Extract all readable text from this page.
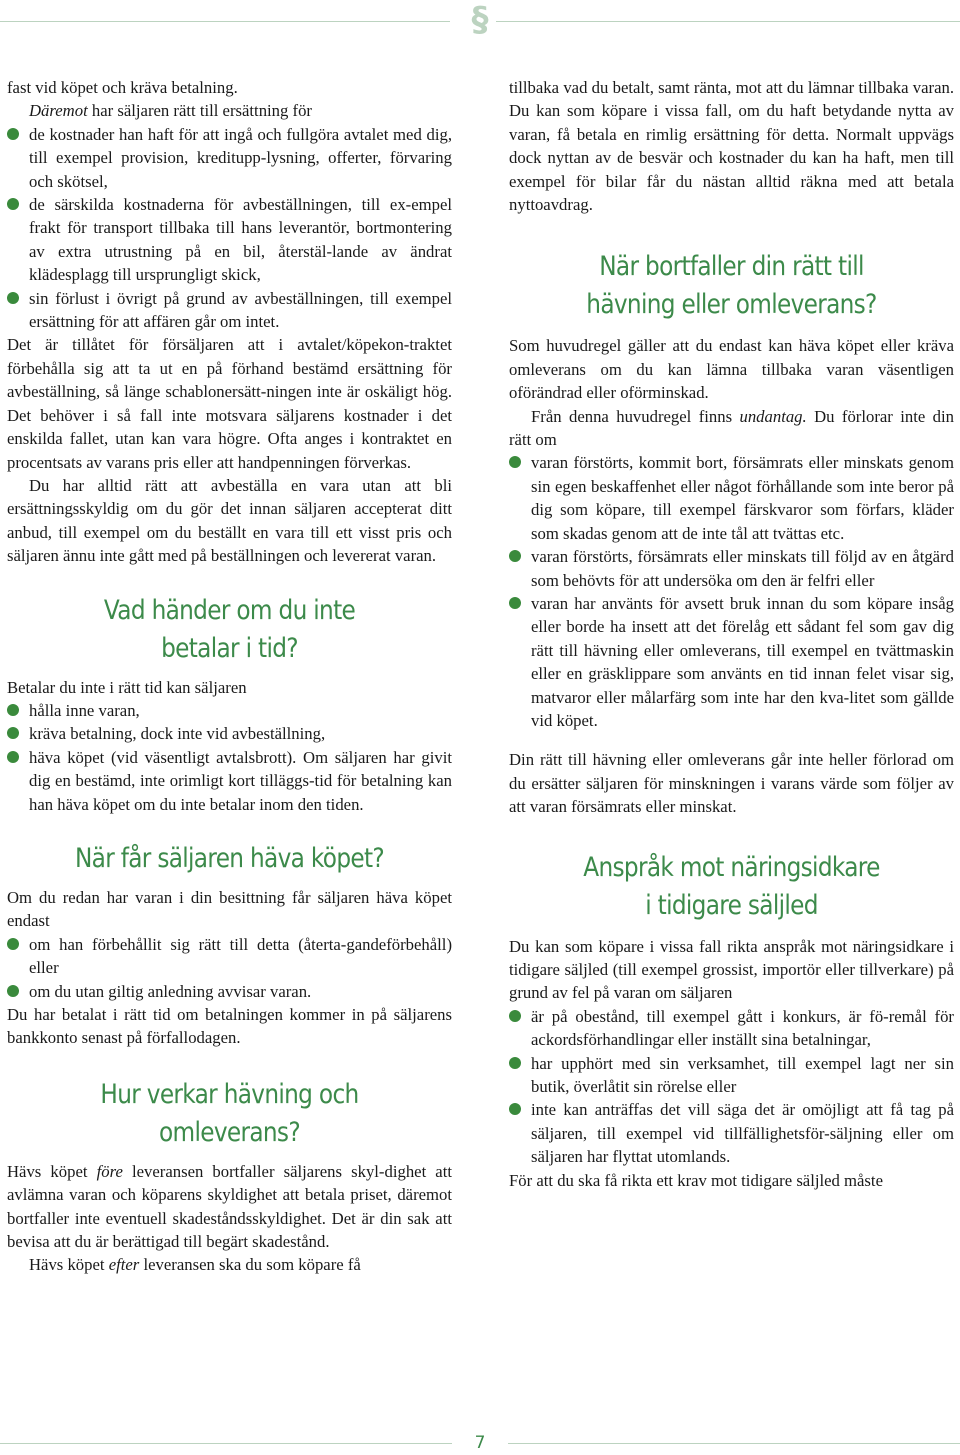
§

fast vid köpet och kräva betalning.

Däremot har säljaren rätt till ersättning för

de kostnader han haft för att ingå och fullgöra avtalet med dig, till exempel provision, kreditupp-lysning, offerter, förvaring och skötsel,
de särskilda kostnaderna för avbeställningen, till ex-empel frakt för transport tillbaka till hans leverantör, bortmontering av extra utrustning på en bil, återstäl-lande av ändrat klädesplagg till ursprungligt skick,
sin förlust i övrigt på grund av avbeställningen, till exempel ersättning för att affären går om intet.

Det är tillåtet för försäljaren att i avtalet/köpekon-traktet förbehålla sig att ta ut en på förhand bestämd ersättning för avbeställning, så länge schablonersätt-ningen inte är oskäligt hög. Det behöver i så fall inte motsvara säljarens kostnader i det enskilda fallet, utan kan vara högre. Ofta anges i kontraktet en procentsats av varans pris eller att handpenningen förverkas.

Du har alltid rätt att avbeställa en vara utan att bli ersättningsskyldig om du gör det innan säljaren accepterat ditt anbud, till exempel om du beställt en vara till ett visst pris och säljaren ännu inte gått med på beställningen och levererat varan.

Vad händer om du inte
betalar i tid?

Betalar du inte i rätt tid kan säljaren

hålla inne varan,
kräva betalning, dock inte vid avbeställning,
häva köpet (vid väsentligt avtalsbrott). Om säljaren har givit dig en bestämd, inte orimligt kort tilläggs-tid för betalning kan han häva köpet om du inte betalar inom den tiden.
När får säljaren häva köpet?

Om du redan har varan i din besittning får säljaren häva köpet endast

om han förbehållit sig rätt till detta (återta-gandeförbehåll) eller
om du utan giltig anledning avvisar varan.

Du har betalat i rätt tid om betalningen kommer in på säljarens bankkonto senast på förfallodagen.

Hur verkar hävning och
omleverans?

Hävs köpet före leveransen bortfaller säljarens skyl-dighet att avlämna varan och köparens skyldighet att betala priset, däremot bortfaller inte eventuell skadeståndsskyldighet. Det är din sak att bevisa att du är berättigad till begärt skadestånd.

Hävs köpet efter leveransen ska du som köpare få

tillbaka vad du betalt, samt ränta, mot att du lämnar tillbaka varan. Du kan som köpare i vissa fall, om du haft betydande nytta av varan, få betala en rimlig ersättning för detta. Normalt uppvägs dock nyttan av de besvär och kostnader du kan ha haft, men till exempel för bilar får du nästan alltid räkna med att betala nyttoavdrag.

När bortfaller din rätt till
hävning eller omleverans?

Som huvudregel gäller att du endast kan häva köpet eller kräva omleverans om du kan lämna tillbaka varan väsentligen oförändrad eller oförminskad.

Från denna huvudregel finns undantag. Du förlorar inte din rätt om

varan förstörts, kommit bort, försämrats eller minskats genom sin egen beskaffenhet eller något förhållande som inte beror på dig som köpare, till exempel färskvaror som förfars, kläder som skadas genom att de inte tål att tvättas etc.
varan förstörts, försämrats eller minskats till följd av en åtgärd som behövts för att undersöka om den är felfri eller
varan har använts för avsett bruk innan du som köpare insåg eller borde ha insett att det förelåg ett sådant fel som gav dig rätt till hävning eller omleverans, till exempel en tvättmaskin eller en gräsklippare som använts en tid innan felet visar sig, matvaror eller målarfärg som inte har den kva-litet som gällde vid köpet.

Din rätt till hävning eller omleverans går inte heller förlorad om du ersätter säljaren för minskningen i varans värde som följer av att varan försämrats eller minskat.

Anspråk mot näringsidkare
i tidigare säljled

Du kan som köpare i vissa fall rikta anspråk mot näringsidkare i tidigare säljled (till exempel grossist, importör eller tillverkare) på grund av fel på varan om säljaren

är på obestånd, till exempel gått i konkurs, är fö-remål för ackordsförhandlingar eller inställt sina betalningar,
har upphört med sin verksamhet, till exempel lagt ner sin butik, överlåtit sin rörelse eller
inte kan anträffas det vill säga det är omöjligt att få tag på säljaren, till exempel vid tillfällighetsför-säljning eller om säljaren har flyttat utomlands.

För att du ska få rikta ett krav mot tidigare säljled måste

7
